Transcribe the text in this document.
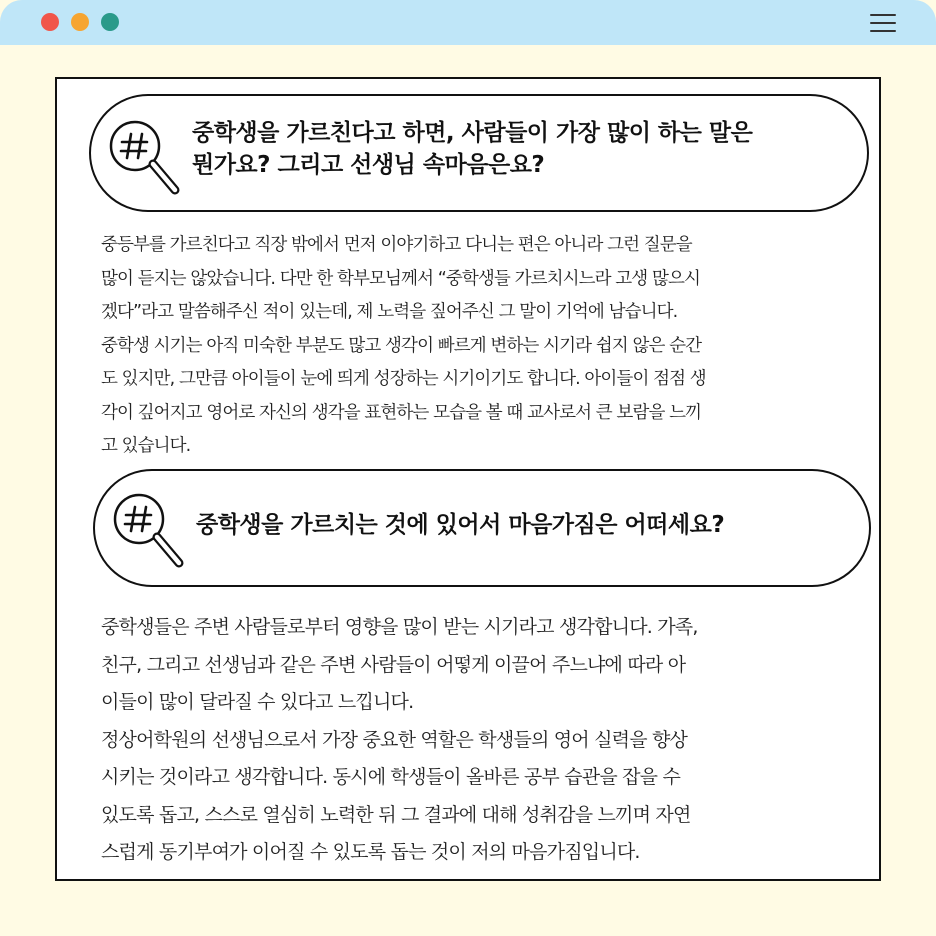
중학생을 가르친다고 하면, 사람들이 가장 많이 하는 말은
뭔가요? 그리고 선생님 속마음은요?
중등부를 가르친다고 직장 밖에서 먼저 이야기하고 다니는 편은 아니라 그런 질문을
많이 듣지는 않았습니다. 다만 한 학부모님께서 “중학생들 가르치시느라 고생 많으시
겠다”라고 말씀해주신 적이 있는데, 제 노력을 짚어주신 그 말이 기억에 남습니다.
중학생 시기는 아직 미숙한 부분도 많고 생각이 빠르게 변하는 시기라 쉽지 않은 순간
도 있지만, 그만큼 아이들이 눈에 띄게 성장하는 시기이기도 합니다. 아이들이 점점 생
각이 깊어지고 영어로 자신의 생각을 표현하는 모습을 볼 때 교사로서 큰 보람을 느끼
고 있습니다.
중학생을 가르치는 것에 있어서 마음가짐은 어떠세요?
중학생들은 주변 사람들로부터 영향을 많이 받는 시기라고 생각합니다. 가족,
친구, 그리고 선생님과 같은 주변 사람들이 어떻게 이끌어 주느냐에 따라 아
이들이 많이 달라질 수 있다고 느낍니다.
정상어학원의 선생님으로서 가장 중요한 역할은 학생들의 영어 실력을 향상
시키는 것이라고 생각합니다. 동시에 학생들이 올바른 공부 습관을 잡을 수
있도록 돕고, 스스로 열심히 노력한 뒤 그 결과에 대해 성취감을 느끼며 자연
스럽게 동기부여가 이어질 수 있도록 돕는 것이 저의 마음가짐입니다.
